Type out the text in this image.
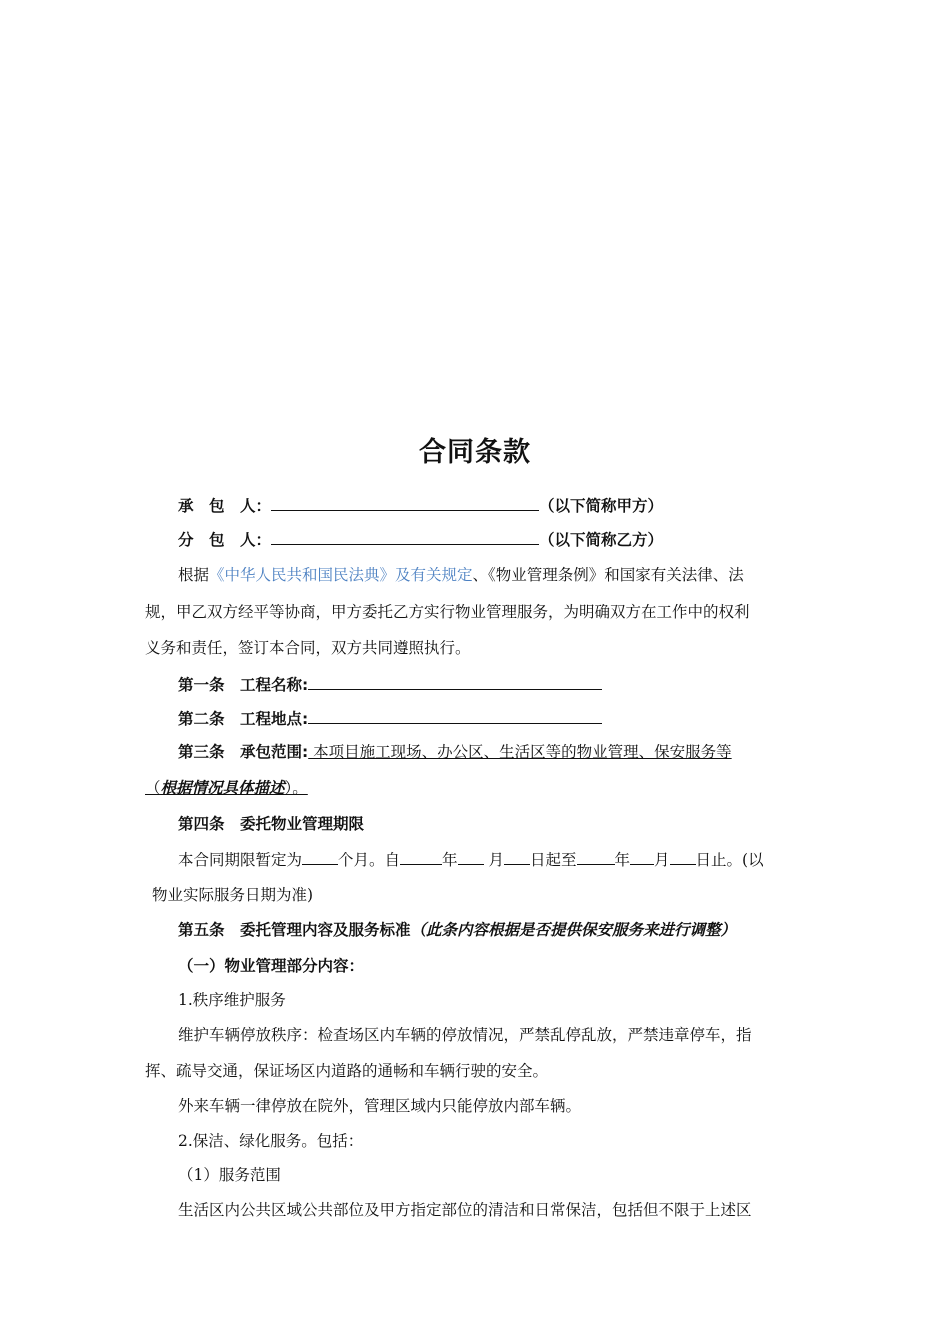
合同条款
承　包　人：	（以下简称甲方）
分　包　人：	（以下简称乙方）
根据《中华人民共和国民法典》及有关规定、《物业管理条例》和国家有关法律、法
规，甲乙双方经平等协商，甲方委托乙方实行物业管理服务，为明确双方在工作中的权利
义务和责任，签订本合同，双方共同遵照执行。
第一条　工程名称:
第二条　工程地点:
第三条　承包范围: 本项目施工现场、办公区、生活区等的物业管理、保安服务等
（根据情况具体描述）。
第四条　委托物业管理期限
本合同期限暂定为 个月。自	年 月 日起至 年 月 日止。(以
物业实际服务日期为准)
第五条　委托管理内容及服务标准（此条内容根据是否提供保安服务来进行调整）
（一）物业管理部分内容：
1.秩序维护服务
维护车辆停放秩序：检查场区内车辆的停放情况，严禁乱停乱放，严禁违章停车，指
挥、疏导交通，保证场区内道路的通畅和车辆行驶的安全。
外来车辆一律停放在院外，管理区域内只能停放内部车辆。
2.保洁、绿化服务。包括：
（1）服务范围
生活区内公共区域公共部位及甲方指定部位的清洁和日常保洁，包括但不限于上述区
